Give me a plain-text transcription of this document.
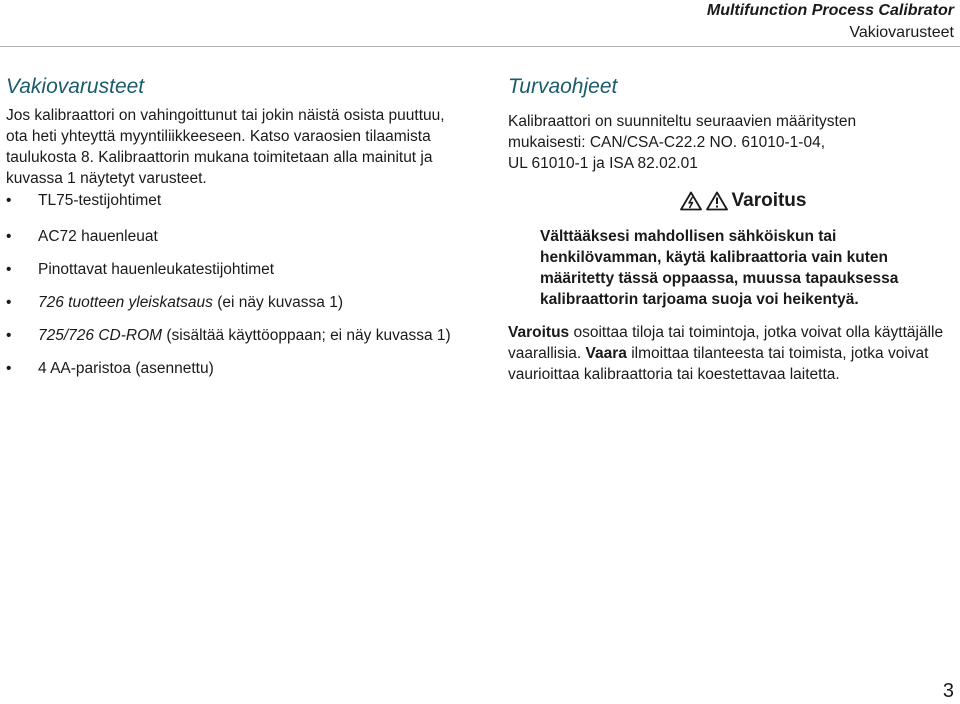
Multifunction Process Calibrator
Vakiovarusteet
Vakiovarusteet

Jos kalibraattori on vahingoittunut tai jokin näistä osista puuttuu, ota heti yhteyttä myyntiliikkeeseen. Katso varaosien tilaamista taulukosta 8. Kalibraattorin mukana toimitetaan alla mainitut ja kuvassa 1 näytetyt varusteet.

• TL75-testijohtimet
• AC72 hauenleuat
• Pinottavat hauenleukatestijohtimet
• 726 tuotteen yleiskatsaus (ei näy kuvassa 1)
• 725/726 CD-ROM (sisältää käyttöoppaan; ei näy kuvassa 1)
• 4 AA-paristoa (asennettu)
Turvaohjeet

Kalibraattori on suunniteltu seuraavien määritysten
mukaisesti: CAN/CSA-C22.2 NO. 61010-1-04,
UL 61010-1 ja ISA 82.02.01

Varoitus
Välttääksesi mahdollisen sähköiskun tai henkilövamman, käytä kalibraattoria vain kuten määritetty tässä oppaassa, muussa tapauksessa kalibraattorin tarjoama suoja voi heikentyä.
Varoitus osoittaa tiloja tai toimintoja, jotka voivat olla käyttäjälle vaarallisia. Vaara ilmoittaa tilanteesta tai toimista, jotka voivat vaurioittaa kalibraattoria tai koestettavaa laitetta.
3
